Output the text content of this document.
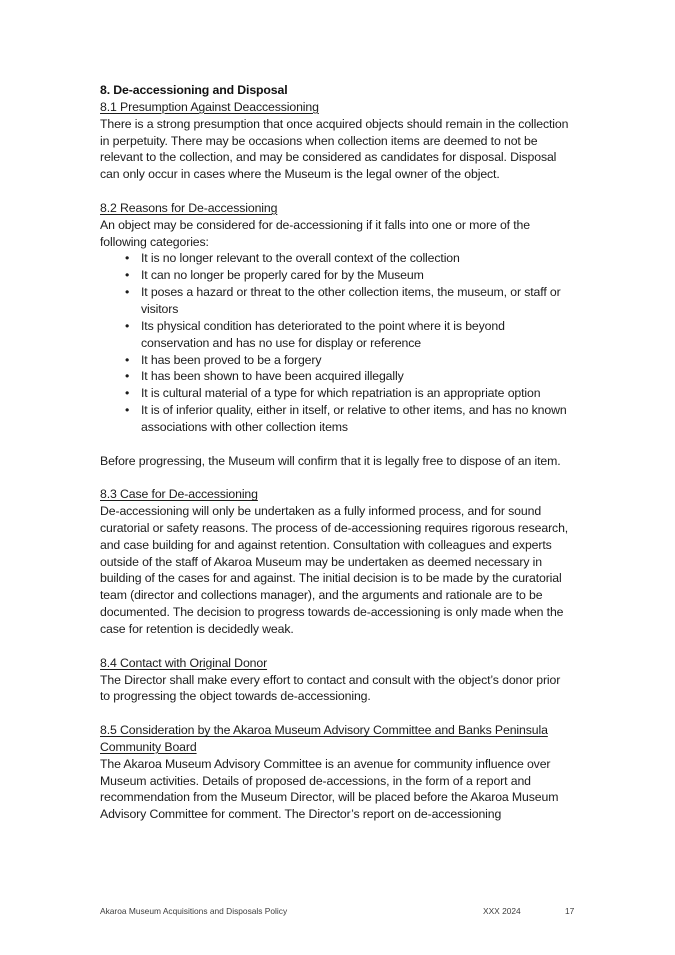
8. De-accessioning and Disposal
8.1 Presumption Against Deaccessioning

There is a strong presumption that once acquired objects should remain in the collection in perpetuity. There may be occasions when collection items are deemed to not be relevant to the collection, and may be considered as candidates for disposal. Disposal can only occur in cases where the Museum is the legal owner of the object.

8.2 Reasons for De-accessioning

An object may be considered for de-accessioning if it falls into one or more of the following categories:

• It is no longer relevant to the overall context of the collection
• It can no longer be properly cared for by the Museum
• It poses a hazard or threat to the other collection items, the museum, or staff or visitors
• Its physical condition has deteriorated to the point where it is beyond conservation and has no use for display or reference
• It has been proved to be a forgery
• It has been shown to have been acquired illegally
• It is cultural material of a type for which repatriation is an appropriate option
• It is of inferior quality, either in itself, or relative to other items, and has no known associations with other collection items

Before progressing, the Museum will confirm that it is legally free to dispose of an item.

8.3 Case for De-accessioning

De-accessioning will only be undertaken as a fully informed process, and for sound curatorial or safety reasons. The process of de-accessioning requires rigorous research, and case building for and against retention. Consultation with colleagues and experts outside of the staff of Akaroa Museum may be undertaken as deemed necessary in building of the cases for and against. The initial decision is to be made by the curatorial team (director and collections manager), and the arguments and rationale are to be documented. The decision to progress towards de-accessioning is only made when the case for retention is decidedly weak.

8.4 Contact with Original Donor

The Director shall make every effort to contact and consult with the object’s donor prior to progressing the object towards de-accessioning.

8.5 Consideration by the Akaroa Museum Advisory Committee and Banks Peninsula Community Board

The Akaroa Museum Advisory Committee is an avenue for community influence over Museum activities. Details of proposed de-accessions, in the form of a report and recommendation from the Museum Director, will be placed before the Akaroa Museum Advisory Committee for comment. The Director’s report on de-accessioning

Akaroa Museum Acquisitions and Disposals Policy	XXX 2024	17
